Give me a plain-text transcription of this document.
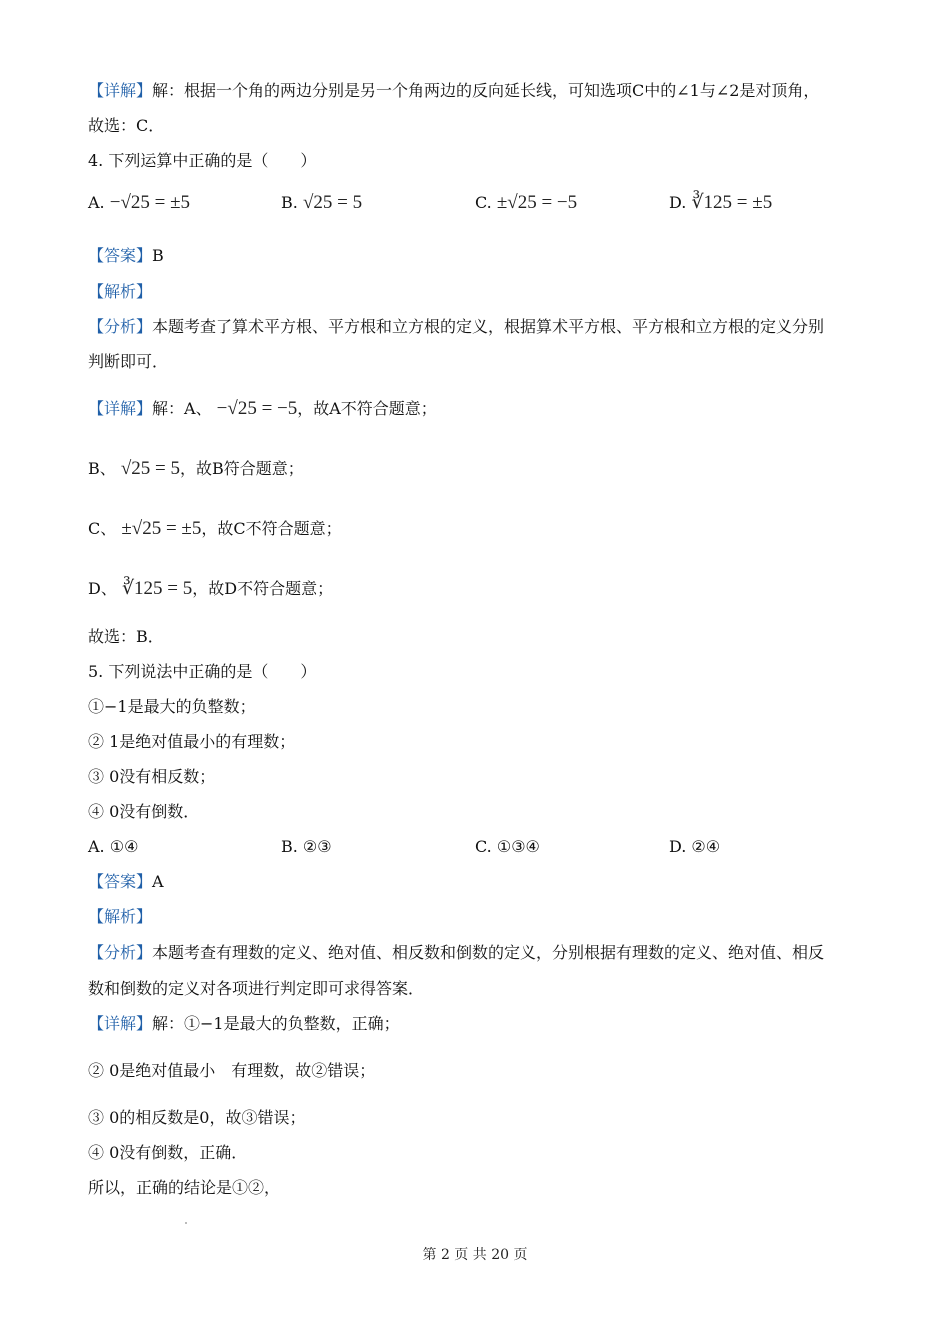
【详解】解：根据一个角的两边分别是另一个角两边的反向延长线，可知选项C中的∠1与∠2是对顶角，
故选：C．
4. 下列运算中正确的是（　　）
A. −√25 = ±5	B. √25 = 5	C. ±√25 = −5	D. ∛125 = ±5
【答案】B
【解析】
【分析】本题考查了算术平方根、平方根和立方根的定义，根据算术平方根、平方根和立方根的定义分别
判断即可．
【详解】解：A、 −√25 = −5，故A不符合题意；
B、 √25 = 5，故B符合题意；
C、 ±√25 = ±5，故C不符合题意；
D、 ∛125 = 5，故D不符合题意；
故选：B．
5. 下列说法中正确的是（　　）
①−1是最大的负整数；
② 1是绝对值最小的有理数；
③ 0没有相反数；
④ 0没有倒数．
A. ①④	B. ②③	C. ①③④	D. ②④
【答案】A
【解析】
【分析】本题考查有理数的定义、绝对值、相反数和倒数的定义，分别根据有理数的定义、绝对值、相反
数和倒数的定义对各项进行判定即可求得答案．
【详解】解：①−1是最大的负整数，正确；
② 0是绝对值最小　有理数，故②错误；
③ 0的相反数是0，故③错误；
④ 0没有倒数，正确．
所以，正确的结论是①②，
第 2 页 共 20 页
